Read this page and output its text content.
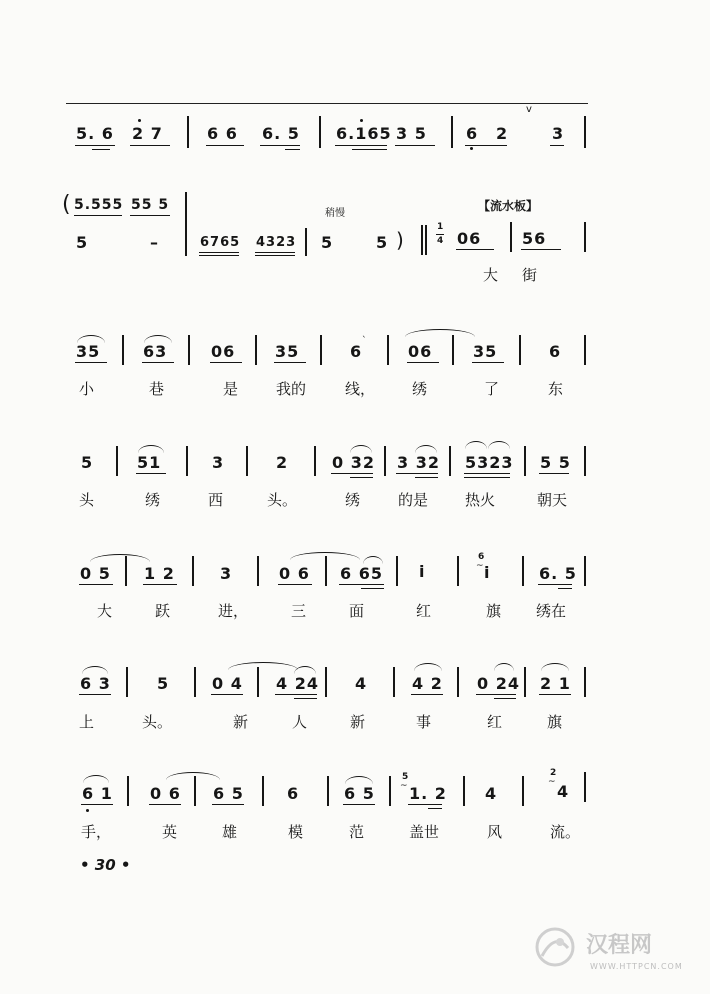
v
5. 6 2 7	6 6 6. 5 6.165 3 5 6 2	3
( 5.555 55 5
5	–	6765 4323
稍慢
5	5 )
【流水板】
1
4 06	56
大 街
35	63	06 35	6
`
06	35	6
小	巷	是	我的	线， 绣	了	东
5	51	3	2	0 32 3 32 5323 5 5
头	绣	西	头。	绣	的是 热火	朝天
0 5 1 2	3	0 6 6 65 i
6
~ i	6. 5
大	跃	进，	三	面	红	旗 绣在
6 3	5	0 4 4 24 4	4 2 0 24 2 1
上	头。	新	人	新	事	红	旗
6 1 0 6 6 5	6	6 5
5
~ 1. 2 4
2
~ 4
手，	英	雄	模	范	盖世	风	流。
• 30 •
汉程网
WWW.HTTPCN.COM
